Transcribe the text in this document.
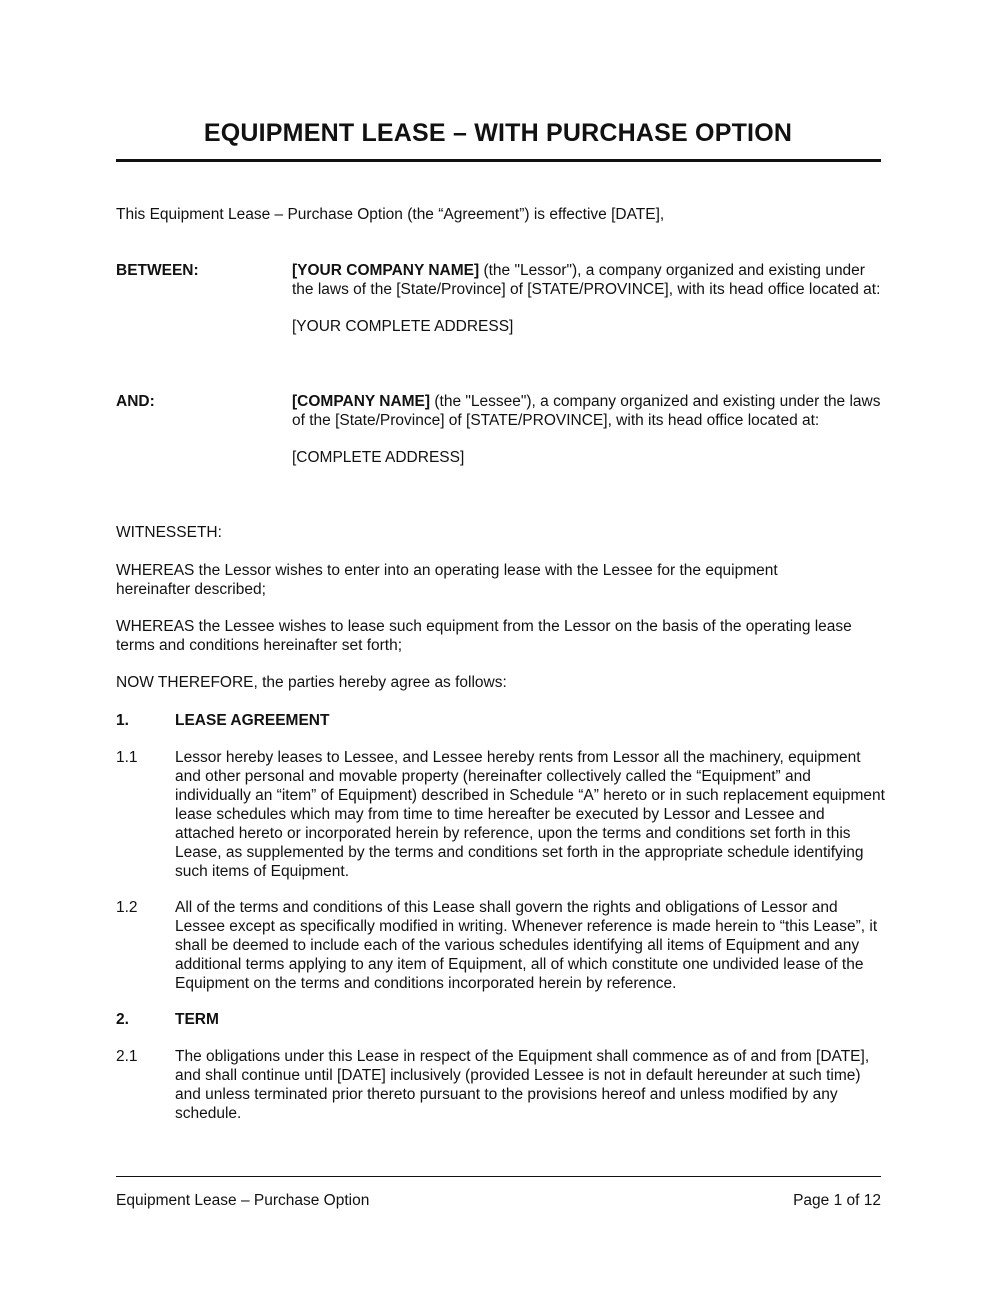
EQUIPMENT LEASE – WITH PURCHASE OPTION
This Equipment Lease – Purchase Option (the “Agreement”) is effective [DATE],
BETWEEN:	[YOUR COMPANY NAME] (the "Lessor"), a company organized and existing under the laws of the [State/Province] of [STATE/PROVINCE], with its head office located at:

[YOUR COMPLETE ADDRESS]

AND:	[COMPANY NAME] (the "Lessee"), a company organized and existing under the laws of the [State/Province] of [STATE/PROVINCE], with its head office located at:

[COMPLETE ADDRESS]

WITNESSETH:
WHEREAS the Lessor wishes to enter into an operating lease with the Lessee for the equipment hereinafter described;
WHEREAS the Lessee wishes to lease such equipment from the Lessor on the basis of the operating lease terms and conditions hereinafter set forth;
NOW THEREFORE, the parties hereby agree as follows:
1.	LEASE AGREEMENT
1.1 Lessor hereby leases to Lessee, and Lessee hereby rents from Lessor all the machinery, equipment and other personal and movable property (hereinafter collectively called the “Equipment” and individually an “item” of Equipment) described in Schedule “A” hereto or in such replacement equipment lease schedules which may from time to time hereafter be executed by Lessor and Lessee and attached hereto or incorporated herein by reference, upon the terms and conditions set forth in this Lease, as supplemented by the terms and conditions set forth in the appropriate schedule identifying such items of Equipment.
1.2 All of the terms and conditions of this Lease shall govern the rights and obligations of Lessor and Lessee except as specifically modified in writing. Whenever reference is made herein to “this Lease”, it shall be deemed to include each of the various schedules identifying all items of Equipment and any additional terms applying to any item of Equipment, all of which constitute one undivided lease of the Equipment on the terms and conditions incorporated herein by reference.
2.	TERM
2.1 The obligations under this Lease in respect of the Equipment shall commence as of and from [DATE], and shall continue until [DATE] inclusively (provided Lessee is not in default hereunder at such time) and unless terminated prior thereto pursuant to the provisions hereof and unless modified by any schedule.
Equipment Lease – Purchase Option	Page 1 of 12
